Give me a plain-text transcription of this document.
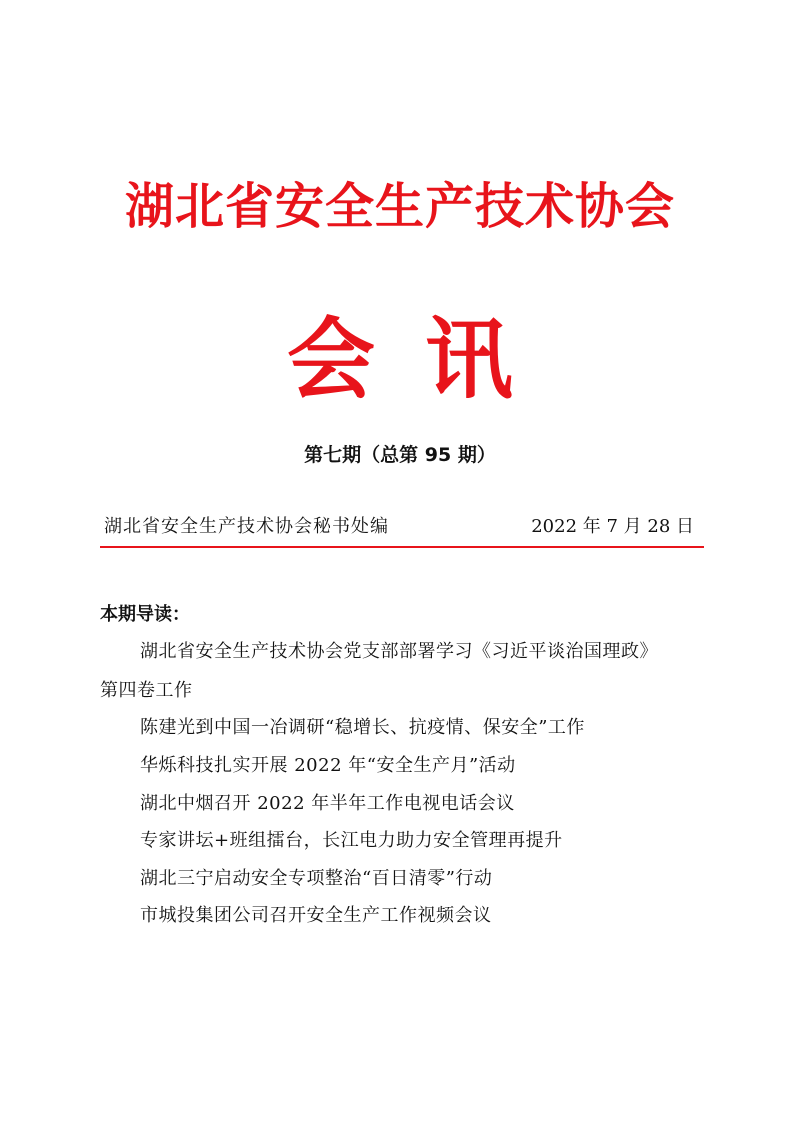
湖北省安全生产技术协会
会讯
第七期（总第 95 期）
湖北省安全生产技术协会秘书处编	2022 年 7 月 28 日
本期导读：
湖北省安全生产技术协会党支部部署学习《习近平谈治国理政》
第四卷工作
陈建光到中国一冶调研“稳增长、抗疫情、保安全”工作
华烁科技扎实开展 2022 年“安全生产月”活动
湖北中烟召开 2022 年半年工作电视电话会议
专家讲坛+班组擂台，长江电力助力安全管理再提升
湖北三宁启动安全专项整治“百日清零”行动
市城投集团公司召开安全生产工作视频会议
